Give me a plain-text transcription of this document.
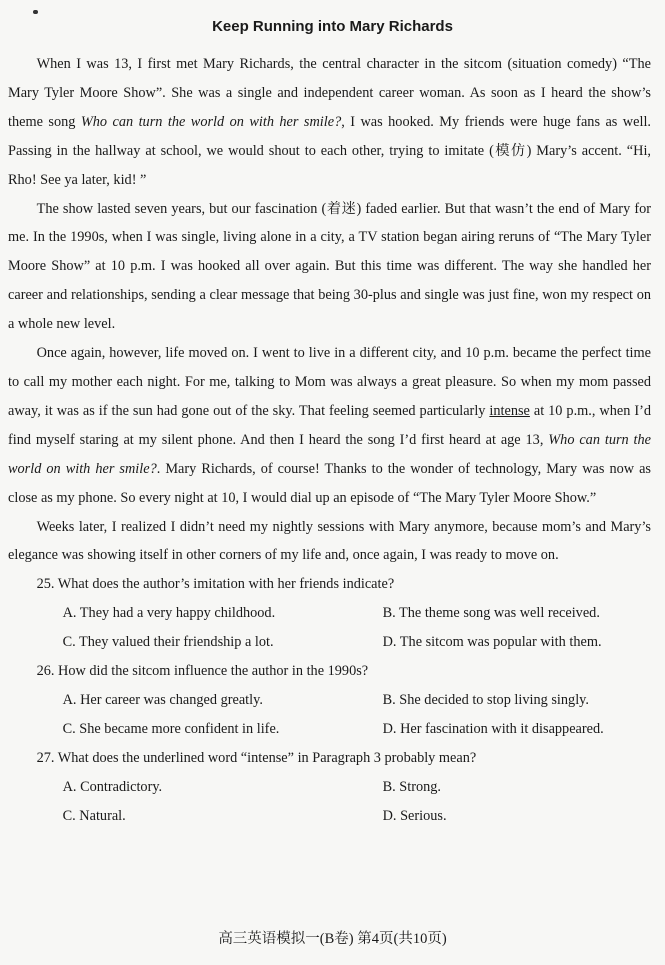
Keep Running into Mary Richards

When I was 13, I first met Mary Richards, the central character in the sitcom (situation comedy) “The Mary Tyler Moore Show”. She was a single and independent career woman. As soon as I heard the show’s theme song Who can turn the world on with her smile?, I was hooked. My friends were huge fans as well. Passing in the hallway at school, we would shout to each other, trying to imitate (模仿) Mary’s accent. “Hi, Rho! See ya later, kid! ”

The show lasted seven years, but our fascination (着迷) faded earlier. But that wasn’t the end of Mary for me. In the 1990s, when I was single, living alone in a city, a TV station began airing reruns of “The Mary Tyler Moore Show” at 10 p.m. I was hooked all over again. But this time was different. The way she handled her career and relationships, sending a clear message that being 30-plus and single was just fine, won my respect on a whole new level.

Once again, however, life moved on. I went to live in a different city, and 10 p.m. became the perfect time to call my mother each night. For me, talking to Mom was always a great pleasure. So when my mom passed away, it was as if the sun had gone out of the sky. That feeling seemed particularly intense at 10 p.m., when I’d find myself staring at my silent phone. And then I heard the song I’d first heard at age 13, Who can turn the world on with her smile?. Mary Richards, of course! Thanks to the wonder of technology, Mary was now as close as my phone. So every night at 10, I would dial up an episode of “The Mary Tyler Moore Show.”

Weeks later, I realized I didn’t need my nightly sessions with Mary anymore, because mom’s and Mary’s elegance was showing itself in other corners of my life and, once again, I was ready to move on.

25. What does the author’s imitation with her friends indicate?

A. They had a very happy childhood.	B. The theme song was well received.

C. They valued their friendship a lot.	D. The sitcom was popular with them.

26. How did the sitcom influence the author in the 1990s?

A. Her career was changed greatly.	B. She decided to stop living singly.

C. She became more confident in life.	D. Her fascination with it disappeared.

27. What does the underlined word “intense” in Paragraph 3 probably mean?

A. Contradictory.	B. Strong.

C. Natural.	D. Serious.

高三英语模拟一(B卷) 第4页(共10页)
